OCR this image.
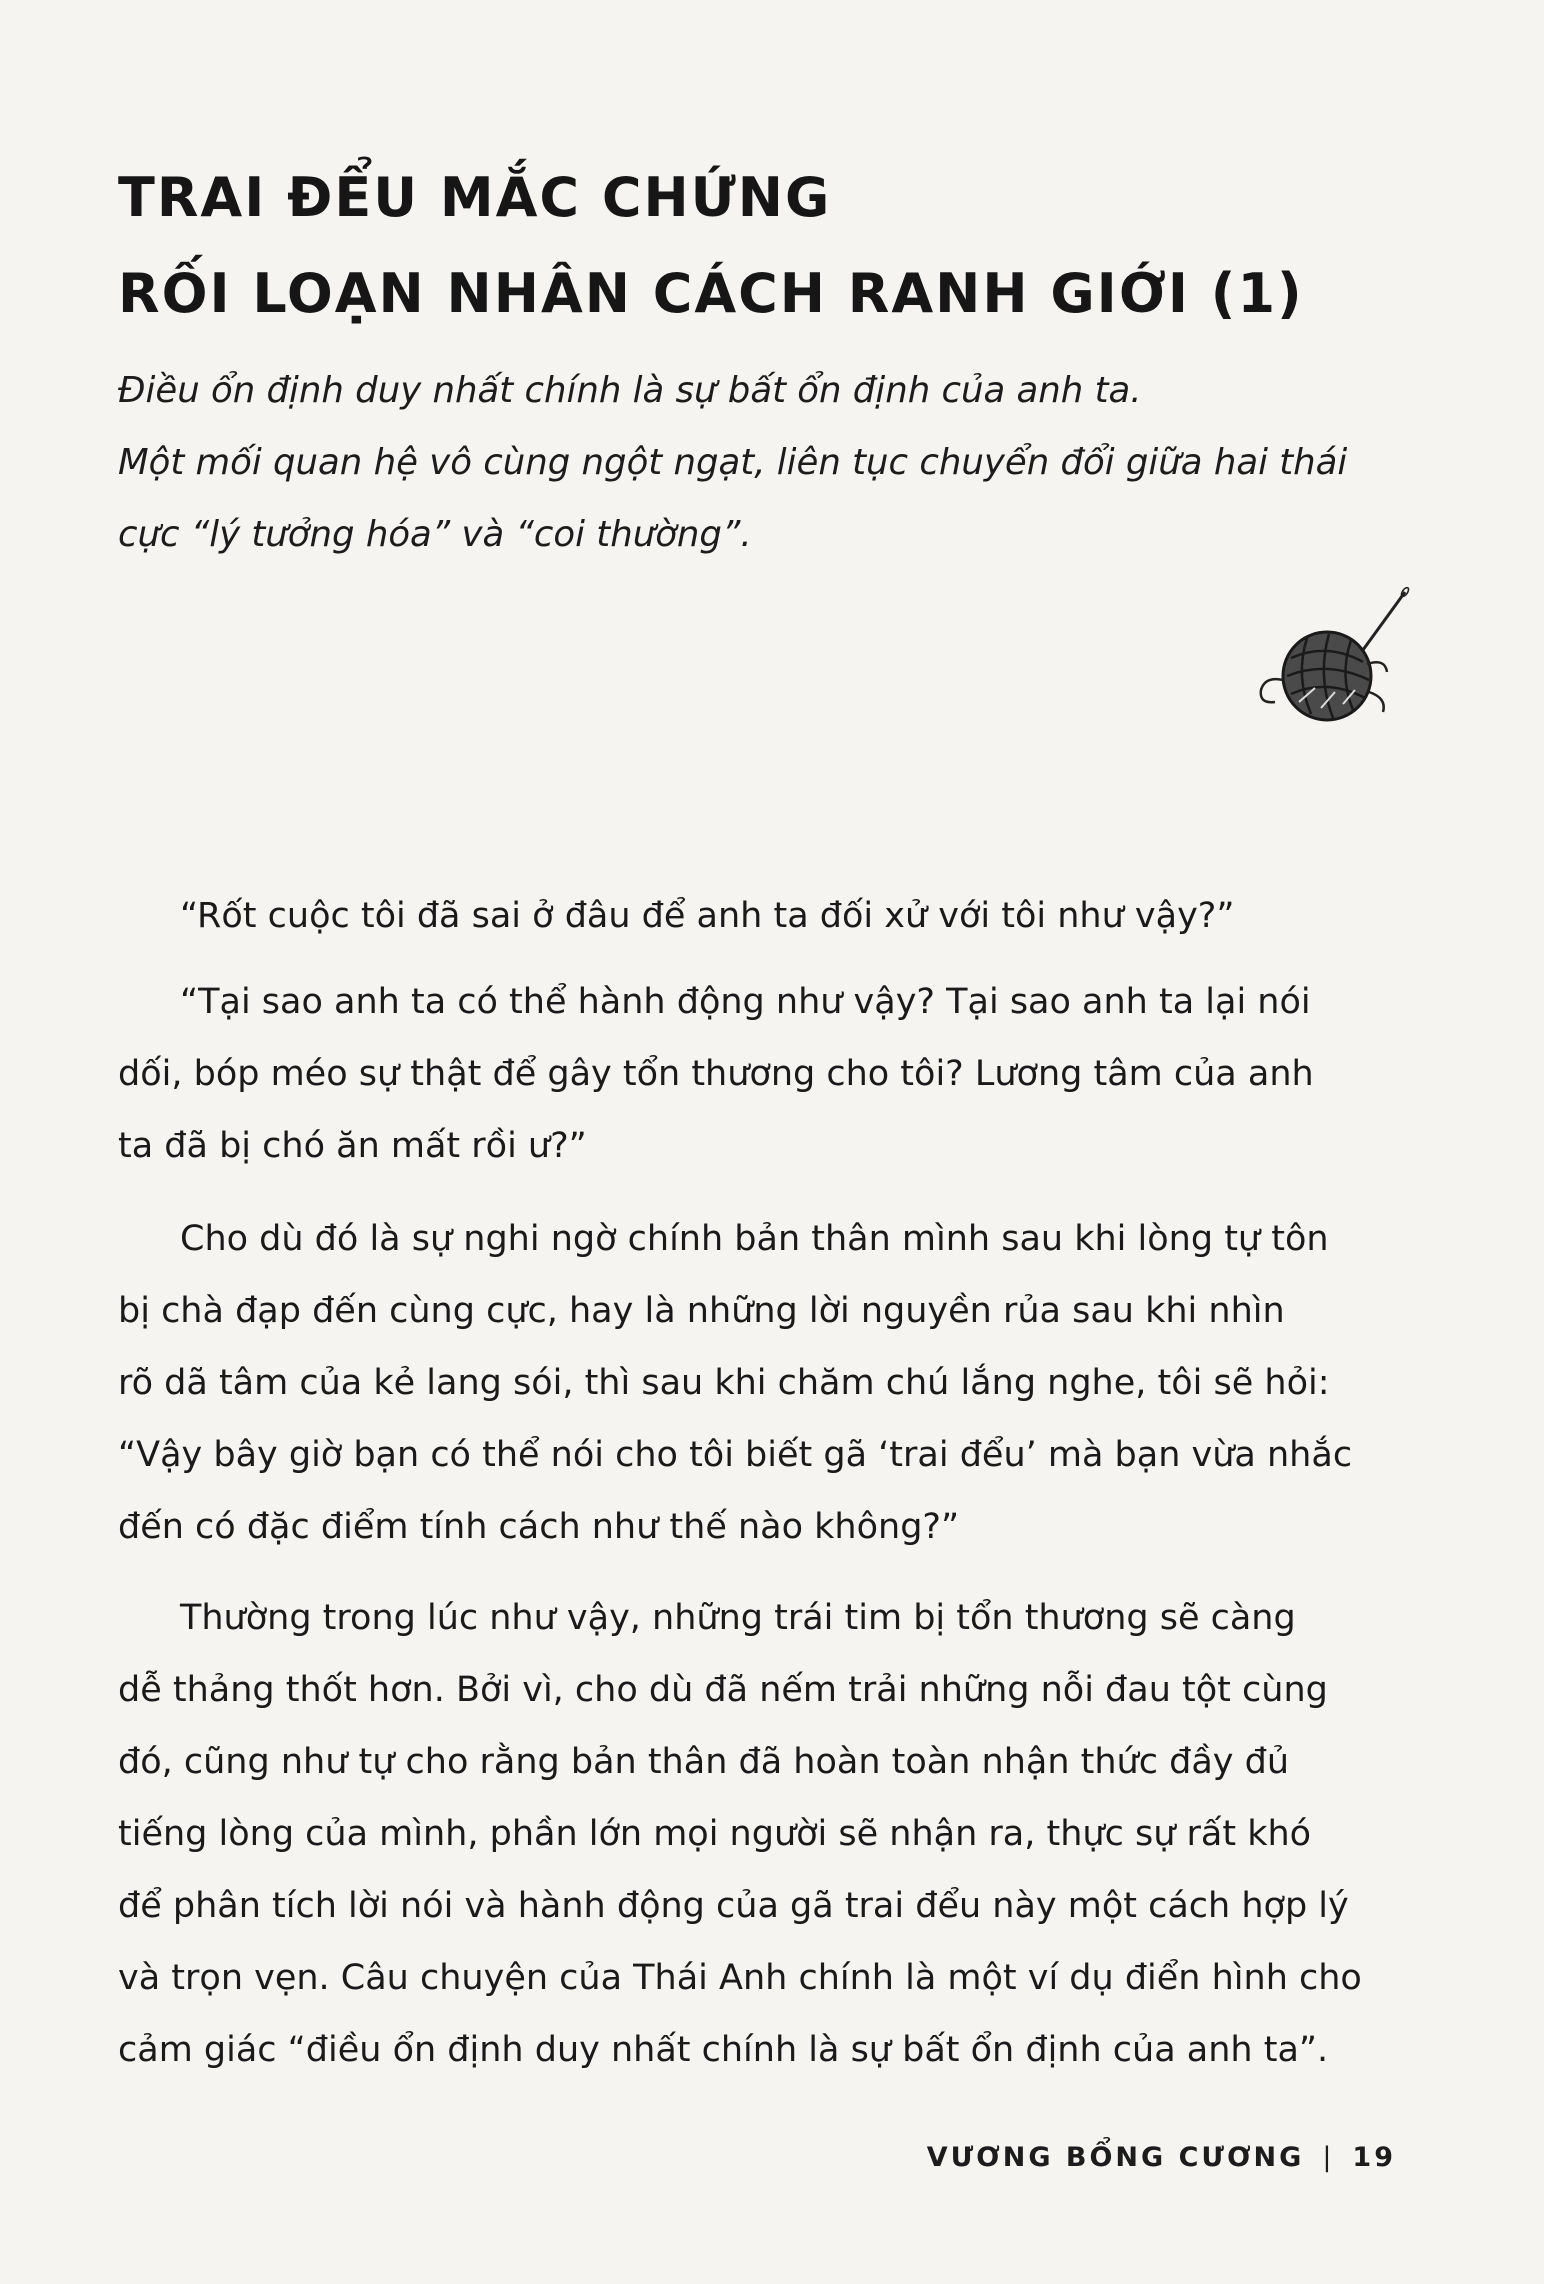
TRAI ĐỂU MẮC CHỨNG
RỐI LOẠN NHÂN CÁCH RANH GIỚI (1)
Điều ổn định duy nhất chính là sự bất ổn định của anh ta.
Một mối quan hệ vô cùng ngột ngạt, liên tục chuyển đổi giữa hai thái
cực “lý tưởng hóa” và “coi thường”.
“Rốt cuộc tôi đã sai ở đâu để anh ta đối xử với tôi như vậy?”
“Tại sao anh ta có thể hành động như vậy? Tại sao anh ta lại nói
dối, bóp méo sự thật để gây tổn thương cho tôi? Lương tâm của anh
ta đã bị chó ăn mất rồi ư?”
Cho dù đó là sự nghi ngờ chính bản thân mình sau khi lòng tự tôn
bị chà đạp đến cùng cực, hay là những lời nguyền rủa sau khi nhìn
rõ dã tâm của kẻ lang sói, thì sau khi chăm chú lắng nghe, tôi sẽ hỏi:
“Vậy bây giờ bạn có thể nói cho tôi biết gã ‘trai đểu’ mà bạn vừa nhắc
đến có đặc điểm tính cách như thế nào không?”
Thường trong lúc như vậy, những trái tim bị tổn thương sẽ càng
dễ thảng thốt hơn. Bởi vì, cho dù đã nếm trải những nỗi đau tột cùng
đó, cũng như tự cho rằng bản thân đã hoàn toàn nhận thức đầy đủ
tiếng lòng của mình, phần lớn mọi người sẽ nhận ra, thực sự rất khó
để phân tích lời nói và hành động của gã trai đểu này một cách hợp lý
và trọn vẹn. Câu chuyện của Thái Anh chính là một ví dụ điển hình cho
cảm giác “điều ổn định duy nhất chính là sự bất ổn định của anh ta”.
VƯƠNG BỔNG CƯƠNG | 19
